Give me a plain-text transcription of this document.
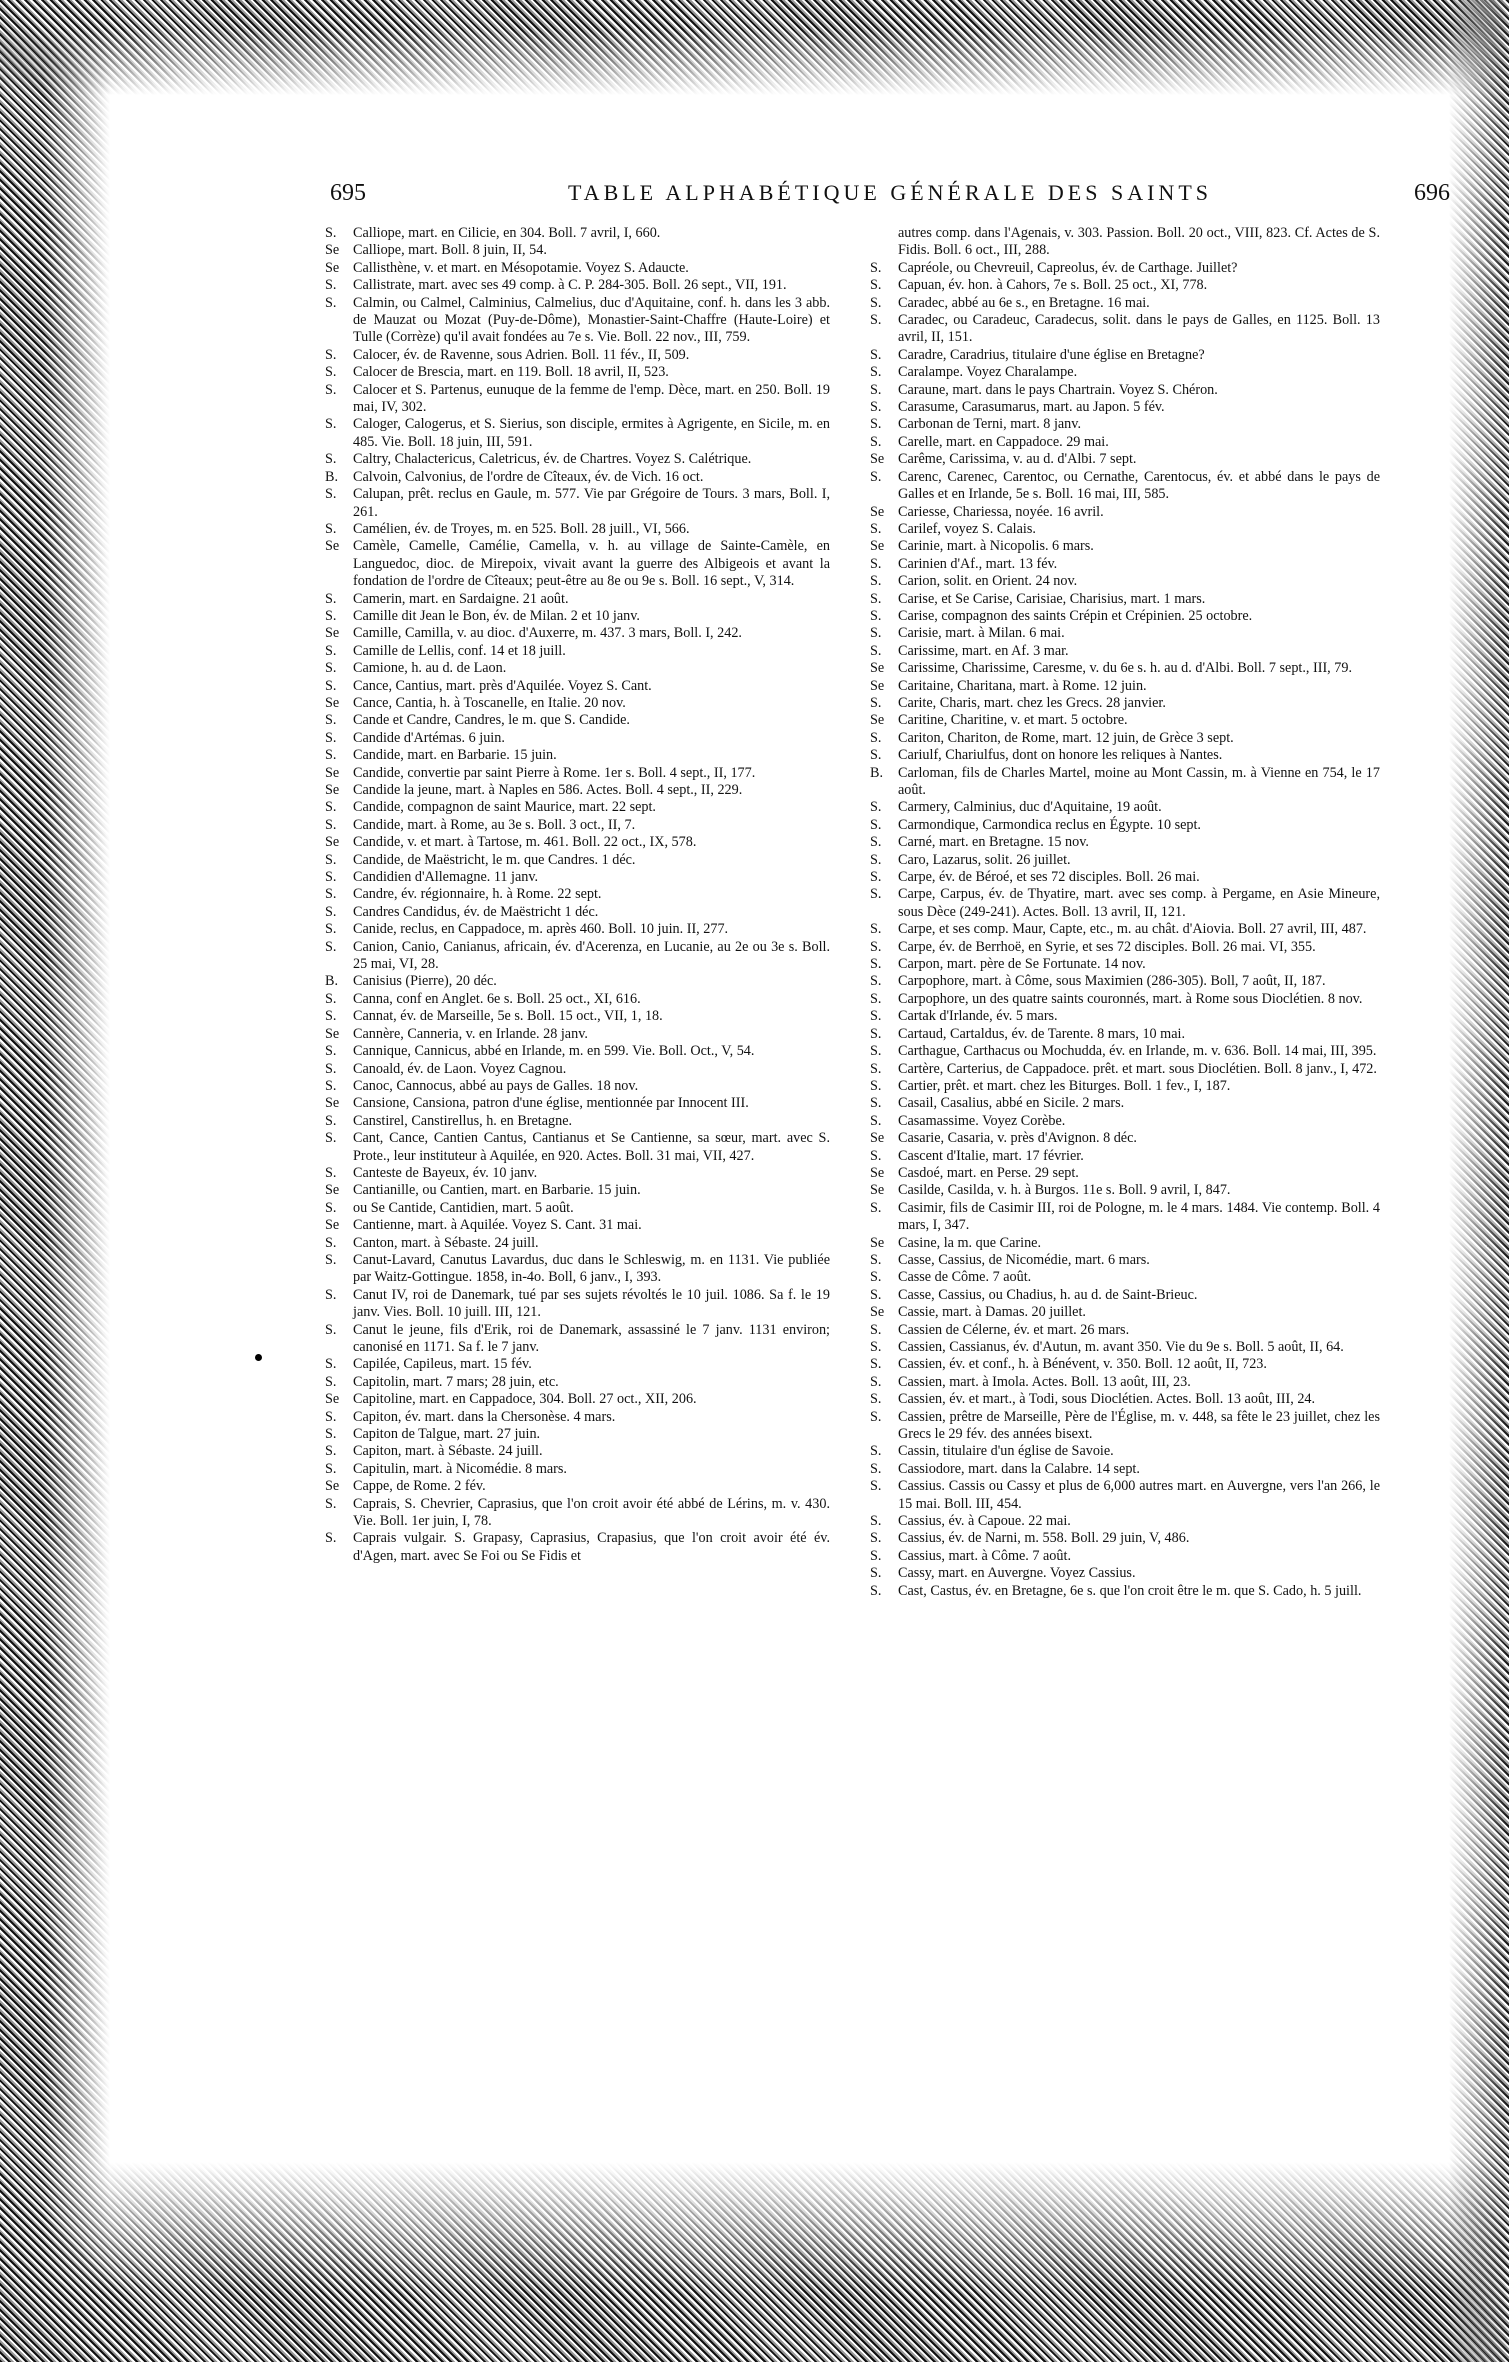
695	TABLE ALPHABÉTIQUE GÉNÉRALE DES SAINTS	696
S.	Calliope, mart. en Cilicie, en 304. Boll. 7 avril, I, 660.
Se Calliope, mart. Boll. 8 juin, II, 54.
Se Callisthène, v. et mart. en Mésopotamie. Voyez S. Adaucte.
S.	Callistrate, mart. avec ses 49 comp. à C. P. 284-305. Boll. 26 sept., VII, 191.
S.	Calmin, ou Calmel, Calminius, Calmelius, duc d'Aquitaine, conf. h. dans les 3 abb. de Mauzat ou Mozat (Puy-de-Dôme), Monastier-Saint-Chaffre (Haute-Loire) et Tulle (Corrèze) qu'il avait fondées au 7e s. Vie. Boll. 22 nov., III, 759.
S.	Calocer, év. de Ravenne, sous Adrien. Boll. 11 fév., II, 509.
S.	Calocer de Brescia, mart. en 119. Boll. 18 avril, II, 523.
S.	Calocer et S. Partenus, eunuque de la femme de l'emp. Dèce, mart. en 250. Boll. 19 mai, IV, 302.
S.	Caloger, Calogerus, et S. Sierius, son disciple, ermites à Agrigente, en Sicile, m. en 485. Vie. Boll. 18 juin, III, 591.
S.	Caltry, Chalactericus, Caletricus, év. de Chartres. Voyez S. Calétrique.
B.	Calvoin, Calvonius, de l'ordre de Cîteaux, év. de Vich. 16 oct.
S.	Calupan, prêt. reclus en Gaule, m. 577. Vie par Grégoire de Tours. 3 mars, Boll. I, 261.
S.	Camélien, év. de Troyes, m. en 525. Boll. 28 juill., VI, 566.
Se Camèle, Camelle, Camélie, Camella, v. h. au village de Sainte-Camèle, en Languedoc, dioc. de Mirepoix, vivait avant la guerre des Albigeois et avant la fondation de l'ordre de Cîteaux; peut-être au 8e ou 9e s. Boll. 16 sept., V, 314.
S.	Camerin, mart. en Sardaigne. 21 août.
S.	Camille dit Jean le Bon, év. de Milan. 2 et 10 janv.
Se Camille, Camilla, v. au dioc. d'Auxerre, m. 437. 3 mars, Boll. I, 242.
S.	Camille de Lellis, conf. 14 et 18 juill.
S.	Camione, h. au d. de Laon.
S.	Cance, Cantius, mart. près d'Aquilée. Voyez S. Cant.
Se Cance, Cantia, h. à Toscanelle, en Italie. 20 nov.
S.	Cande et Candre, Candres, le m. que S. Candide.
S.	Candide d'Artémas. 6 juin.
S.	Candide, mart. en Barbarie. 15 juin.
Se Candide, convertie par saint Pierre à Rome. 1er s. Boll. 4 sept., II, 177.
Se Candide la jeune, mart. à Naples en 586. Actes. Boll. 4 sept., II, 229.
S.	Candide, compagnon de saint Maurice, mart. 22 sept.
S.	Candide, mart. à Rome, au 3e s. Boll. 3 oct., II, 7.
Se Candide, v. et mart. à Tartose, m. 461. Boll. 22 oct., IX, 578.
S.	Candide, de Maëstricht, le m. que Candres. 1 déc.
S.	Candidien d'Allemagne. 11 janv.
S.	Candre, év. régionnaire, h. à Rome. 22 sept.
S.	Candres Candidus, év. de Maëstricht 1 déc.
S.	Canide, reclus, en Cappadoce, m. après 460. Boll. 10 juin. II, 277.
S.	Canion, Canio, Canianus, africain, év. d'Acerenza, en Lucanie, au 2e ou 3e s. Boll. 25 mai, VI, 28.
B.	Canisius (Pierre), 20 déc.
S.	Canna, conf en Anglet. 6e s. Boll. 25 oct., XI, 616.
S.	Cannat, év. de Marseille, 5e s. Boll. 15 oct., VII, 1, 18.
Se Cannère, Canneria, v. en Irlande. 28 janv.
S.	Cannique, Cannicus, abbé en Irlande, m. en 599. Vie. Boll. Oct., V, 54.
S.	Canoald, év. de Laon. Voyez Cagnou.
S.	Canoc, Cannocus, abbé au pays de Galles. 18 nov.
Se Cansione, Cansiona, patron d'une église, mentionnée par Innocent III.
S.	Canstirel, Canstirellus, h. en Bretagne.
S.	Cant, Cance, Cantien Cantus, Cantianus et Se Cantienne, sa sœur, mart. avec S. Prote., leur instituteur à Aquilée, en 920. Actes. Boll. 31 mai, VII, 427.
S.	Canteste de Bayeux, év. 10 janv.
Se Cantianille, ou Cantien, mart. en Barbarie. 15 juin.
S.	ou Se Cantide, Cantidien, mart. 5 août.
Se Cantienne, mart. à Aquilée. Voyez S. Cant. 31 mai.
S.	Canton, mart. à Sébaste. 24 juill.
S.	Canut-Lavard, Canutus Lavardus, duc dans le Schleswig, m. en 1131. Vie publiée par Waitz-Gottingue. 1858, in-4o. Boll, 6 janv., I, 393.
S.	Canut IV, roi de Danemark, tué par ses sujets révoltés le 10 juil. 1086. Sa f. le 19 janv. Vies. Boll. 10 juill. III, 121.
S.	Canut le jeune, fils d'Erik, roi de Danemark, assassiné le 7 janv. 1131 environ; canonisé en 1171. Sa f. le 7 janv.
S.	Capilée, Capileus, mart. 15 fév.
S.	Capitolin, mart. 7 mars; 28 juin, etc.
Se Capitoline, mart. en Cappadoce, 304. Boll. 27 oct., XII, 206.
S.	Capiton, év. mart. dans la Chersonèse. 4 mars.
S.	Capiton de Talgue, mart. 27 juin.
S.	Capiton, mart. à Sébaste. 24 juill.
S.	Capitulin, mart. à Nicomédie. 8 mars.
Se Cappe, de Rome. 2 fév.
S.	Caprais, S. Chevrier, Caprasius, que l'on croit avoir été abbé de Lérins, m. v. 430. Vie. Boll. 1er juin, I, 78.
S.	Caprais vulgair. S. Grapasy, Caprasius, Crapasius, que l'on croit avoir été év. d'Agen, mart. avec Se Foi ou Se Fidis et
autres comp. dans l'Agenais, v. 303. Passion. Boll. 20 oct., VIII, 823. Cf. Actes de S. Fidis. Boll. 6 oct., III, 288.
S.	Capréole, ou Chevreuil, Capreolus, év. de Carthage. Juillet?
S.	Capuan, év. hon. à Cahors, 7e s. Boll. 25 oct., XI, 778.
S.	Caradec, abbé au 6e s., en Bretagne. 16 mai.
S.	Caradec, ou Caradeuc, Caradecus, solit. dans le pays de Galles, en 1125. Boll. 13 avril, II, 151.
S.	Caradre, Caradrius, titulaire d'une église en Bretagne?
S.	Caralampe. Voyez Charalampe.
S.	Caraune, mart. dans le pays Chartrain. Voyez S. Chéron.
S.	Carasume, Carasumarus, mart. au Japon. 5 fév.
S.	Carbonan de Terni, mart. 8 janv.
S.	Carelle, mart. en Cappadoce. 29 mai.
Se Carême, Carissima, v. au d. d'Albi. 7 sept.
S.	Carenc, Carenec, Carentoc, ou Cernathe, Carentocus, év. et abbé dans le pays de Galles et en Irlande, 5e s. Boll. 16 mai, III, 585.
Se Cariesse, Chariessa, noyée. 16 avril.
S.	Carilef, voyez S. Calais.
Se Carinie, mart. à Nicopolis. 6 mars.
S.	Carinien d'Af., mart. 13 fév.
S.	Carion, solit. en Orient. 24 nov.
S.	Carise, et Se Carise, Carisiae, Charisius, mart. 1 mars.
S.	Carise, compagnon des saints Crépin et Crépinien. 25 octobre.
S.	Carisie, mart. à Milan. 6 mai.
S.	Carissime, mart. en Af. 3 mar.
Se Carissime, Charissime, Caresme, v. du 6e s. h. au d. d'Albi. Boll. 7 sept., III, 79.
Se Caritaine, Charitana, mart. à Rome. 12 juin.
S.	Carite, Charis, mart. chez les Grecs. 28 janvier.
Se Caritine, Charitine, v. et mart. 5 octobre.
S.	Cariton, Chariton, de Rome, mart. 12 juin, de Grèce 3 sept.
S.	Cariulf, Chariulfus, dont on honore les reliques à Nantes.
B.	Carloman, fils de Charles Martel, moine au Mont Cassin, m. à Vienne en 754, le 17 août.
S.	Carmery, Calminius, duc d'Aquitaine, 19 août.
S.	Carmondique, Carmondica reclus en Égypte. 10 sept.
S.	Carné, mart. en Bretagne. 15 nov.
S.	Caro, Lazarus, solit. 26 juillet.
S.	Carpe, év. de Béroé, et ses 72 disciples. Boll. 26 mai.
S.	Carpe, Carpus, év. de Thyatire, mart. avec ses comp. à Pergame, en Asie Mineure, sous Dèce (249-241). Actes. Boll. 13 avril, II, 121.
S.	Carpe, et ses comp. Maur, Capte, etc., m. au chât. d'Aiovia. Boll. 27 avril, III, 487.
S.	Carpe, év. de Berrhoë, en Syrie, et ses 72 disciples. Boll. 26 mai. VI, 355.
S.	Carpon, mart. père de Se Fortunate. 14 nov.
S.	Carpophore, mart. à Côme, sous Maximien (286-305). Boll, 7 août, II, 187.
S.	Carpophore, un des quatre saints couronnés, mart. à Rome sous Dioclétien. 8 nov.
S.	Cartak d'Irlande, év. 5 mars.
S.	Cartaud, Cartaldus, év. de Tarente. 8 mars, 10 mai.
S.	Carthague, Carthacus ou Mochudda, év. en Irlande, m. v. 636. Boll. 14 mai, III, 395.
S.	Cartère, Carterius, de Cappadoce. prêt. et mart. sous Dioclétien. Boll. 8 janv., I, 472.
S.	Cartier, prêt. et mart. chez les Biturges. Boll. 1 fev., I, 187.
S.	Casail, Casalius, abbé en Sicile. 2 mars.
S.	Casamassime. Voyez Corèbe.
Se Casarie, Casaria, v. près d'Avignon. 8 déc.
S.	Cascent d'Italie, mart. 17 février.
Se Casdoé, mart. en Perse. 29 sept.
Se Casilde, Casilda, v. h. à Burgos. 11e s. Boll. 9 avril, I, 847.
S.	Casimir, fils de Casimir III, roi de Pologne, m. le 4 mars. 1484. Vie contemp. Boll. 4 mars, I, 347.
Se Casine, la m. que Carine.
S.	Casse, Cassius, de Nicomédie, mart. 6 mars.
S.	Casse de Côme. 7 août.
S.	Casse, Cassius, ou Chadius, h. au d. de Saint-Brieuc.
Se Cassie, mart. à Damas. 20 juillet.
S.	Cassien de Célerne, év. et mart. 26 mars.
S.	Cassien, Cassianus, év. d'Autun, m. avant 350. Vie du 9e s. Boll. 5 août, II, 64.
S.	Cassien, év. et conf., h. à Bénévent, v. 350. Boll. 12 août, II, 723.
S.	Cassien, mart. à Imola. Actes. Boll. 13 août, III, 23.
S.	Cassien, év. et mart., à Todi, sous Dioclétien. Actes. Boll. 13 août, III, 24.
S.	Cassien, prêtre de Marseille, Père de l'Église, m. v. 448, sa fête le 23 juillet, chez les Grecs le 29 fév. des années bisext.
S.	Cassin, titulaire d'un église de Savoie.
S.	Cassiodore, mart. dans la Calabre. 14 sept.
S.	Cassius. Cassis ou Cassy et plus de 6,000 autres mart. en Auvergne, vers l'an 266, le 15 mai. Boll. III, 454.
S.	Cassius, év. à Capoue. 22 mai.
S.	Cassius, év. de Narni, m. 558. Boll. 29 juin, V, 486.
S.	Cassius, mart. à Côme. 7 août.
S.	Cassy, mart. en Auvergne. Voyez Cassius.
S.	Cast, Castus, év. en Bretagne, 6e s. que l'on croit être le m. que S. Cado, h. 5 juill.
